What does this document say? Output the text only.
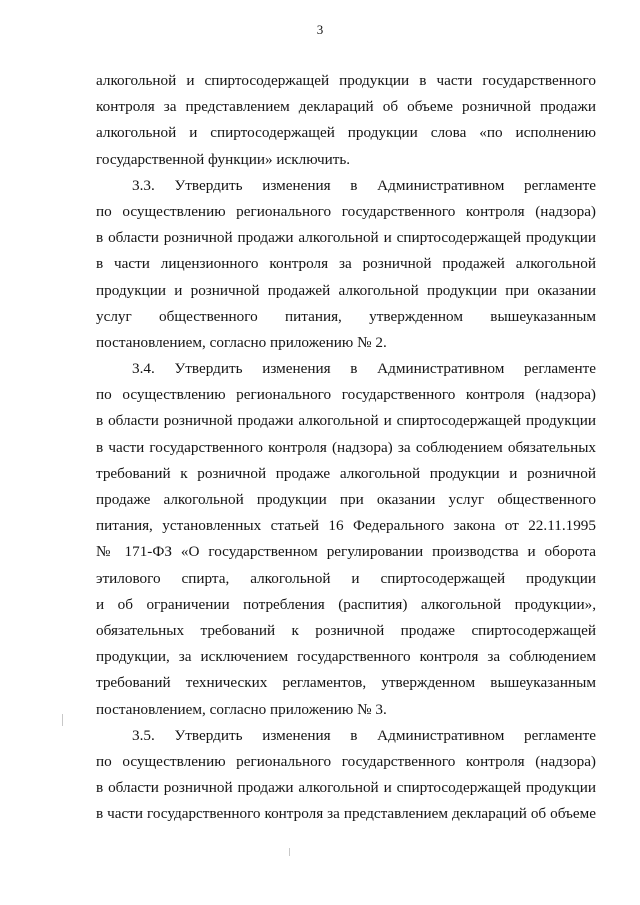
3
алкогольной и спиртосодержащей продукции в части государственного
контроля за представлением деклараций об объеме розничной продажи
алкогольной и спиртосодержащей продукции слова «по исполнению
государственной функции» исключить.
3.3. Утвердить изменения в Административном регламенте
по осуществлению регионального государственного контроля (надзора)
в области розничной продажи алкогольной и спиртосодержащей продукции
в части лицензионного контроля за розничной продажей алкогольной
продукции и розничной продажей алкогольной продукции при оказании
услуг общественного питания, утвержденном вышеуказанным
постановлением, согласно приложению № 2.
3.4. Утвердить изменения в Административном регламенте
по осуществлению регионального государственного контроля (надзора)
в области розничной продажи алкогольной и спиртосодержащей продукции
в части государственного контроля (надзора) за соблюдением обязательных
требований к розничной продаже алкогольной продукции и розничной
продаже алкогольной продукции при оказании услуг общественного
питания, установленных статьей 16 Федерального закона от 22.11.1995
№ 171-ФЗ «О государственном регулировании производства и оборота
этилового спирта, алкогольной и спиртосодержащей продукции
и об ограничении потребления (распития) алкогольной продукции»,
обязательных требований к розничной продаже спиртосодержащей
продукции, за исключением государственного контроля за соблюдением
требований технических регламентов, утвержденном вышеуказанным
постановлением, согласно приложению № 3.
3.5. Утвердить изменения в Административном регламенте
по осуществлению регионального государственного контроля (надзора)
в области розничной продажи алкогольной и спиртосодержащей продукции
в части государственного контроля за представлением деклараций об объеме
